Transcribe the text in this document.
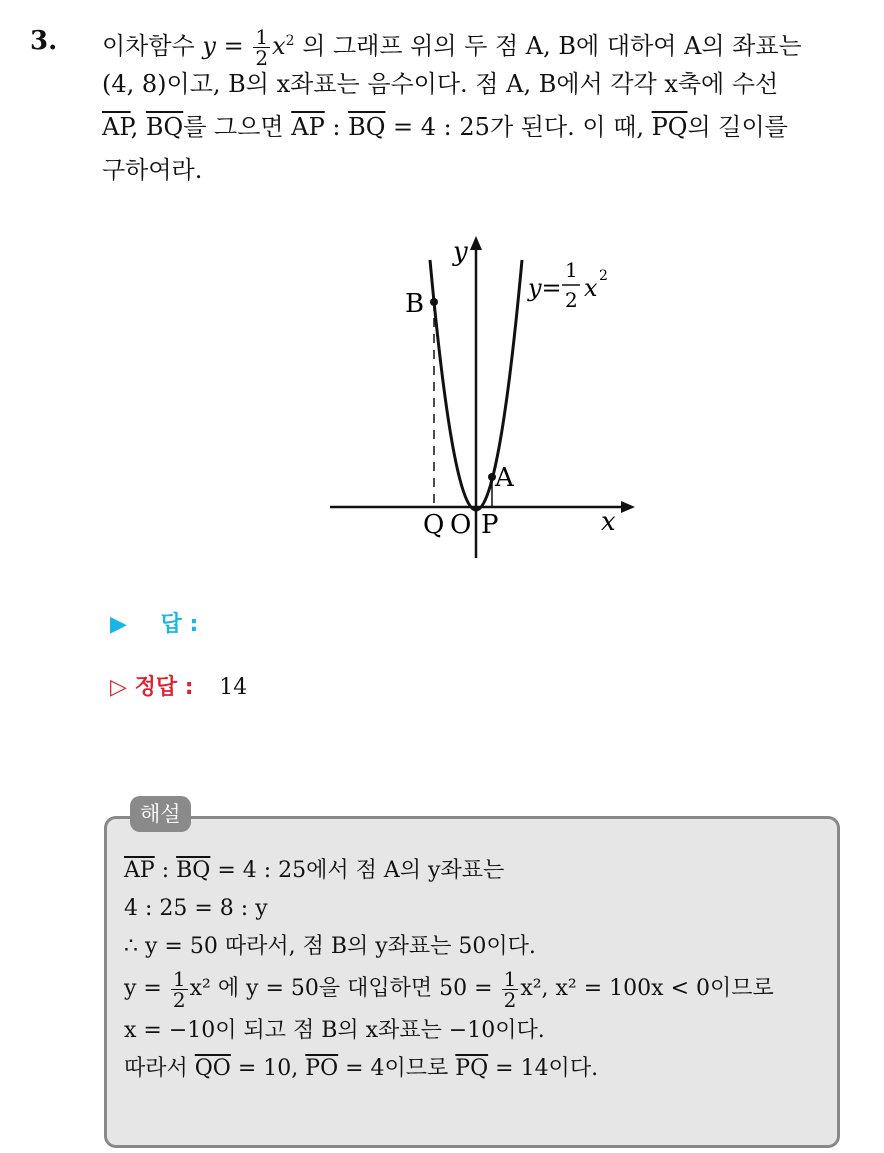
3. 이차함수 $y = \frac{1}{2} x^2$ 의 그래프 위의 두 점 A, B에 대하여 A의 좌표는
(4, 8)이고, B의 x좌표는 음수이다. 점 A, B에서 각각 x축에 수선
$\overline{AP}$, $\overline{BQ}$를 그으면 $\overline{AP}$ : $\overline{BQ} = 4$ : 25가 된다. 이 때, $\overline{PQ}$의 길이를
구하여라.
B
A
Q O P	x
y
y=
1
2 x 2
▶ 답 :
▷ 정답 : 14
해설
$\overline{AP}$ : $\overline{BQ} = 4$ : 25에서 점 A의 y좌표는
4 : 25 = 8 : y
∴ y = 50 따라서, 점 B의 y좌표는 50이다.
$y = \frac{1}{2} x^2$ 에 y = 50을 대입하면 $50 = \frac{1}{2} x^2$, x² = 100x < 0이므로
x = −10이 되고 점 B의 x좌표는 −10이다.
따라서 $\overline{QO} = 10$, $\overline{PO} = 4$이므로 $\overline{PQ} = 14$이다.
